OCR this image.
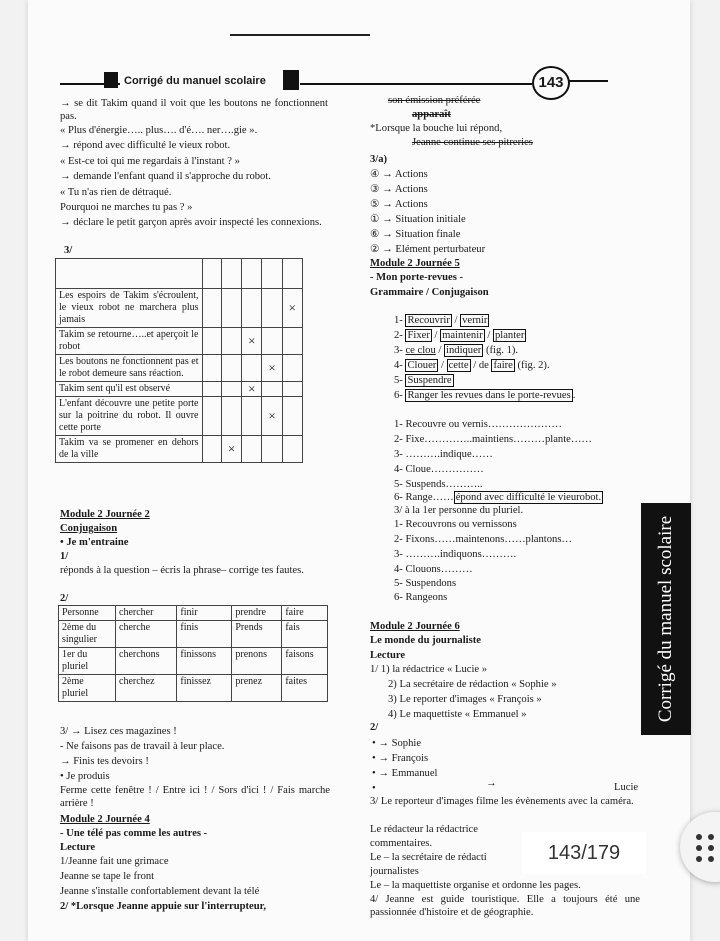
Corrigé du manuel scolaire	143
→ se dit Takim quand il voit que les boutons ne fonctionnent pas.
« Plus d'énergie….. plus…. d'é…. ner….gie ».
→ répond avec difficulté le vieux robot.
« Est-ce toi qui me regardais à l'instant ? »
→ demande l'enfant quand il s'approche du robot.
« Tu n'as rien de détraqué.
Pourquoi ne marches tu pas ? »
→ déclare le petit garçon après avoir inspecté les connexions.
3/

Les espoirs de Takim s'écroulent, le vieux robot ne marchera plus jamais					×
Takim se retourne…..et aperçoit le robot			×		
Les boutons ne fonctionnent pas et le robot demeure sans réaction.				×	
Takim sent qu'il est observé			×		
L'enfant découvre une petite porte sur la poitrine du robot. Il ouvre cette porte				×	
Takim va se promener en dehors de la ville		×			
Module 2 Journée 2
Conjugaison
• Je m'entraine
1/
réponds à la question – écris la phrase– corrige tes fautes.
2/
Personne	chercher	finir	prendre	faire
2ème du singulier	cherche	finis	Prends	fais
1er du pluriel	cherchons	finissons	prenons	faisons
2ème pluriel	cherchez	finissez	prenez	faites
3/ → Lisez ces magazines !
- Ne faisons pas de travail à leur place.
→ Finis tes devoirs !
• Je produis
Ferme cette fenêtre ! / Entre ici ! / Sors d'ici ! / Fais marche arrière !
Module 2 Journée 4
- Une télé pas comme les autres -
Lecture
1/Jeanne fait une grimace
Jeanne se tape le front
Jeanne s'installe confortablement devant la télé
2/ *Lorsque Jeanne appuie sur l'interrupteur,
son émission préférée
apparaît
*Lorsque la bouche lui répond,
Jeanne continue ses pitreries
3/a)
④ → Actions
③ → Actions
⑤ → Actions
① → Situation initiale
⑥ → Situation finale
② → Elément perturbateur
Module 2 Journée 5
- Mon porte-revues -
Grammaire / Conjugaison
1- Recouvrir / vernir
2- Fixer / maintenir / planter
3- ce clou / indiquer (fig. 1).
4- Clouer / cette / de faire (fig. 2).
5- Suspendre
6- Ranger les revues dans le porte-revues .
1- Recouvre ou vernis…………………
2- Fixe…………..maintiens………plante……
3- ……….indique……
4- Cloue……………
5- Suspends………..
6- Range…… épond avec difficulté le vieurobot.
3/ à la 1er personne du pluriel.
1- Recouvrons ou vernissons
2- Fixons……maintenons……plantons…
3- ……….indiquons……….
4- Clouons………
5- Suspendons
6- Rangeons
Module 2 Journée 6
Le monde du journaliste
Lecture
1/ 1) la rédactrice « Lucie »
2) La secrétaire de rédaction « Sophie »
3) Le reporter d'images « François »
4) Le maquettiste « Emmanuel »
2/
• → Sophie
• → François
• → Emmanuel
•	→	Lucie
3/ Le reporteur d'images filme les évènements avec la caméra.
Le rédacteur la rédactrice
commentaires.
Le – la secrétaire de rédacti
journalistes
Le – la maquettiste organise et ordonne les pages.
4/ Jeanne est guide touristique. Elle a toujours été une passionnée d'histoire et de géographie.
Corrigé du manuel scolaire
143/179
